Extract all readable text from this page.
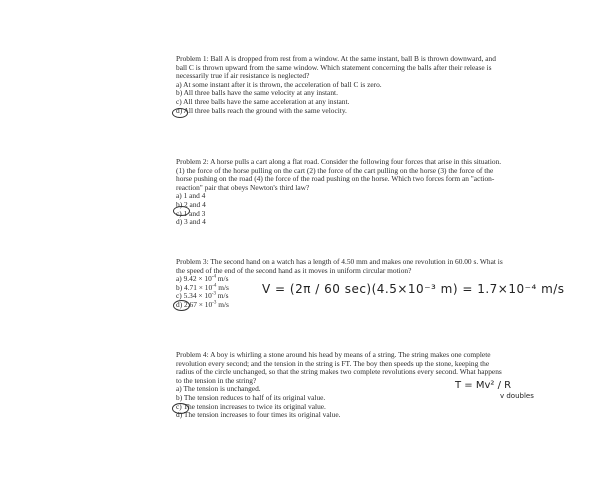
Problem 1: Ball A is dropped from rest from a window. At the same instant, ball B is thrown downward, and ball C is thrown upward from the same window. Which statement concerning the balls after their release is necessarily true if air resistance is neglected?

a) At some instant after it is thrown, the acceleration of ball C is zero.
b) All three balls have the same velocity at any instant.
c) All three balls have the same acceleration at any instant.
d) All three balls reach the ground with the same velocity.

Problem 2: A horse pulls a cart along a flat road. Consider the following four forces that arise in this situation.

(1) the force of the horse pulling on the cart (2) the force of the cart pulling on the horse (3) the force of the horse pushing on the road (4) the force of the road pushing on the horse. Which two forces form an "action-reaction" pair that obeys Newton's third law?

a) 1 and 4
b) 2 and 4
c) 1 and 3
d) 3 and 4

Problem 3: The second hand on a watch has a length of 4.50 mm and makes one revolution in 60.00 s. What is the speed of the end of the second hand as it moves in uniform circular motion?

a) $9.42 \times 10^{-4}$ m/s
b) $4.71 \times 10^{-4}$ m/s
c) $5.34 \times 10^{-3}$ m/s
d) $2.67 \times 10^{-3}$ m/s
V = (2π / 60 sec)(4.5×10⁻³ m) = 1.7×10⁻⁴ m/s

Problem 4: A boy is whirling a stone around his head by means of a string. The string makes one complete revolution every second; and the tension in the string is FT. The boy then speeds up the stone, keeping the radius of the circle unchanged, so that the string makes two complete revolutions every second. What happens to the tension in the string?

a) The tension is unchanged.
b) The tension reduces to half of its original value.
c) The tension increases to twice its original value.
d) The tension increases to four times its original value.
T = Mv² / R
v doubles
